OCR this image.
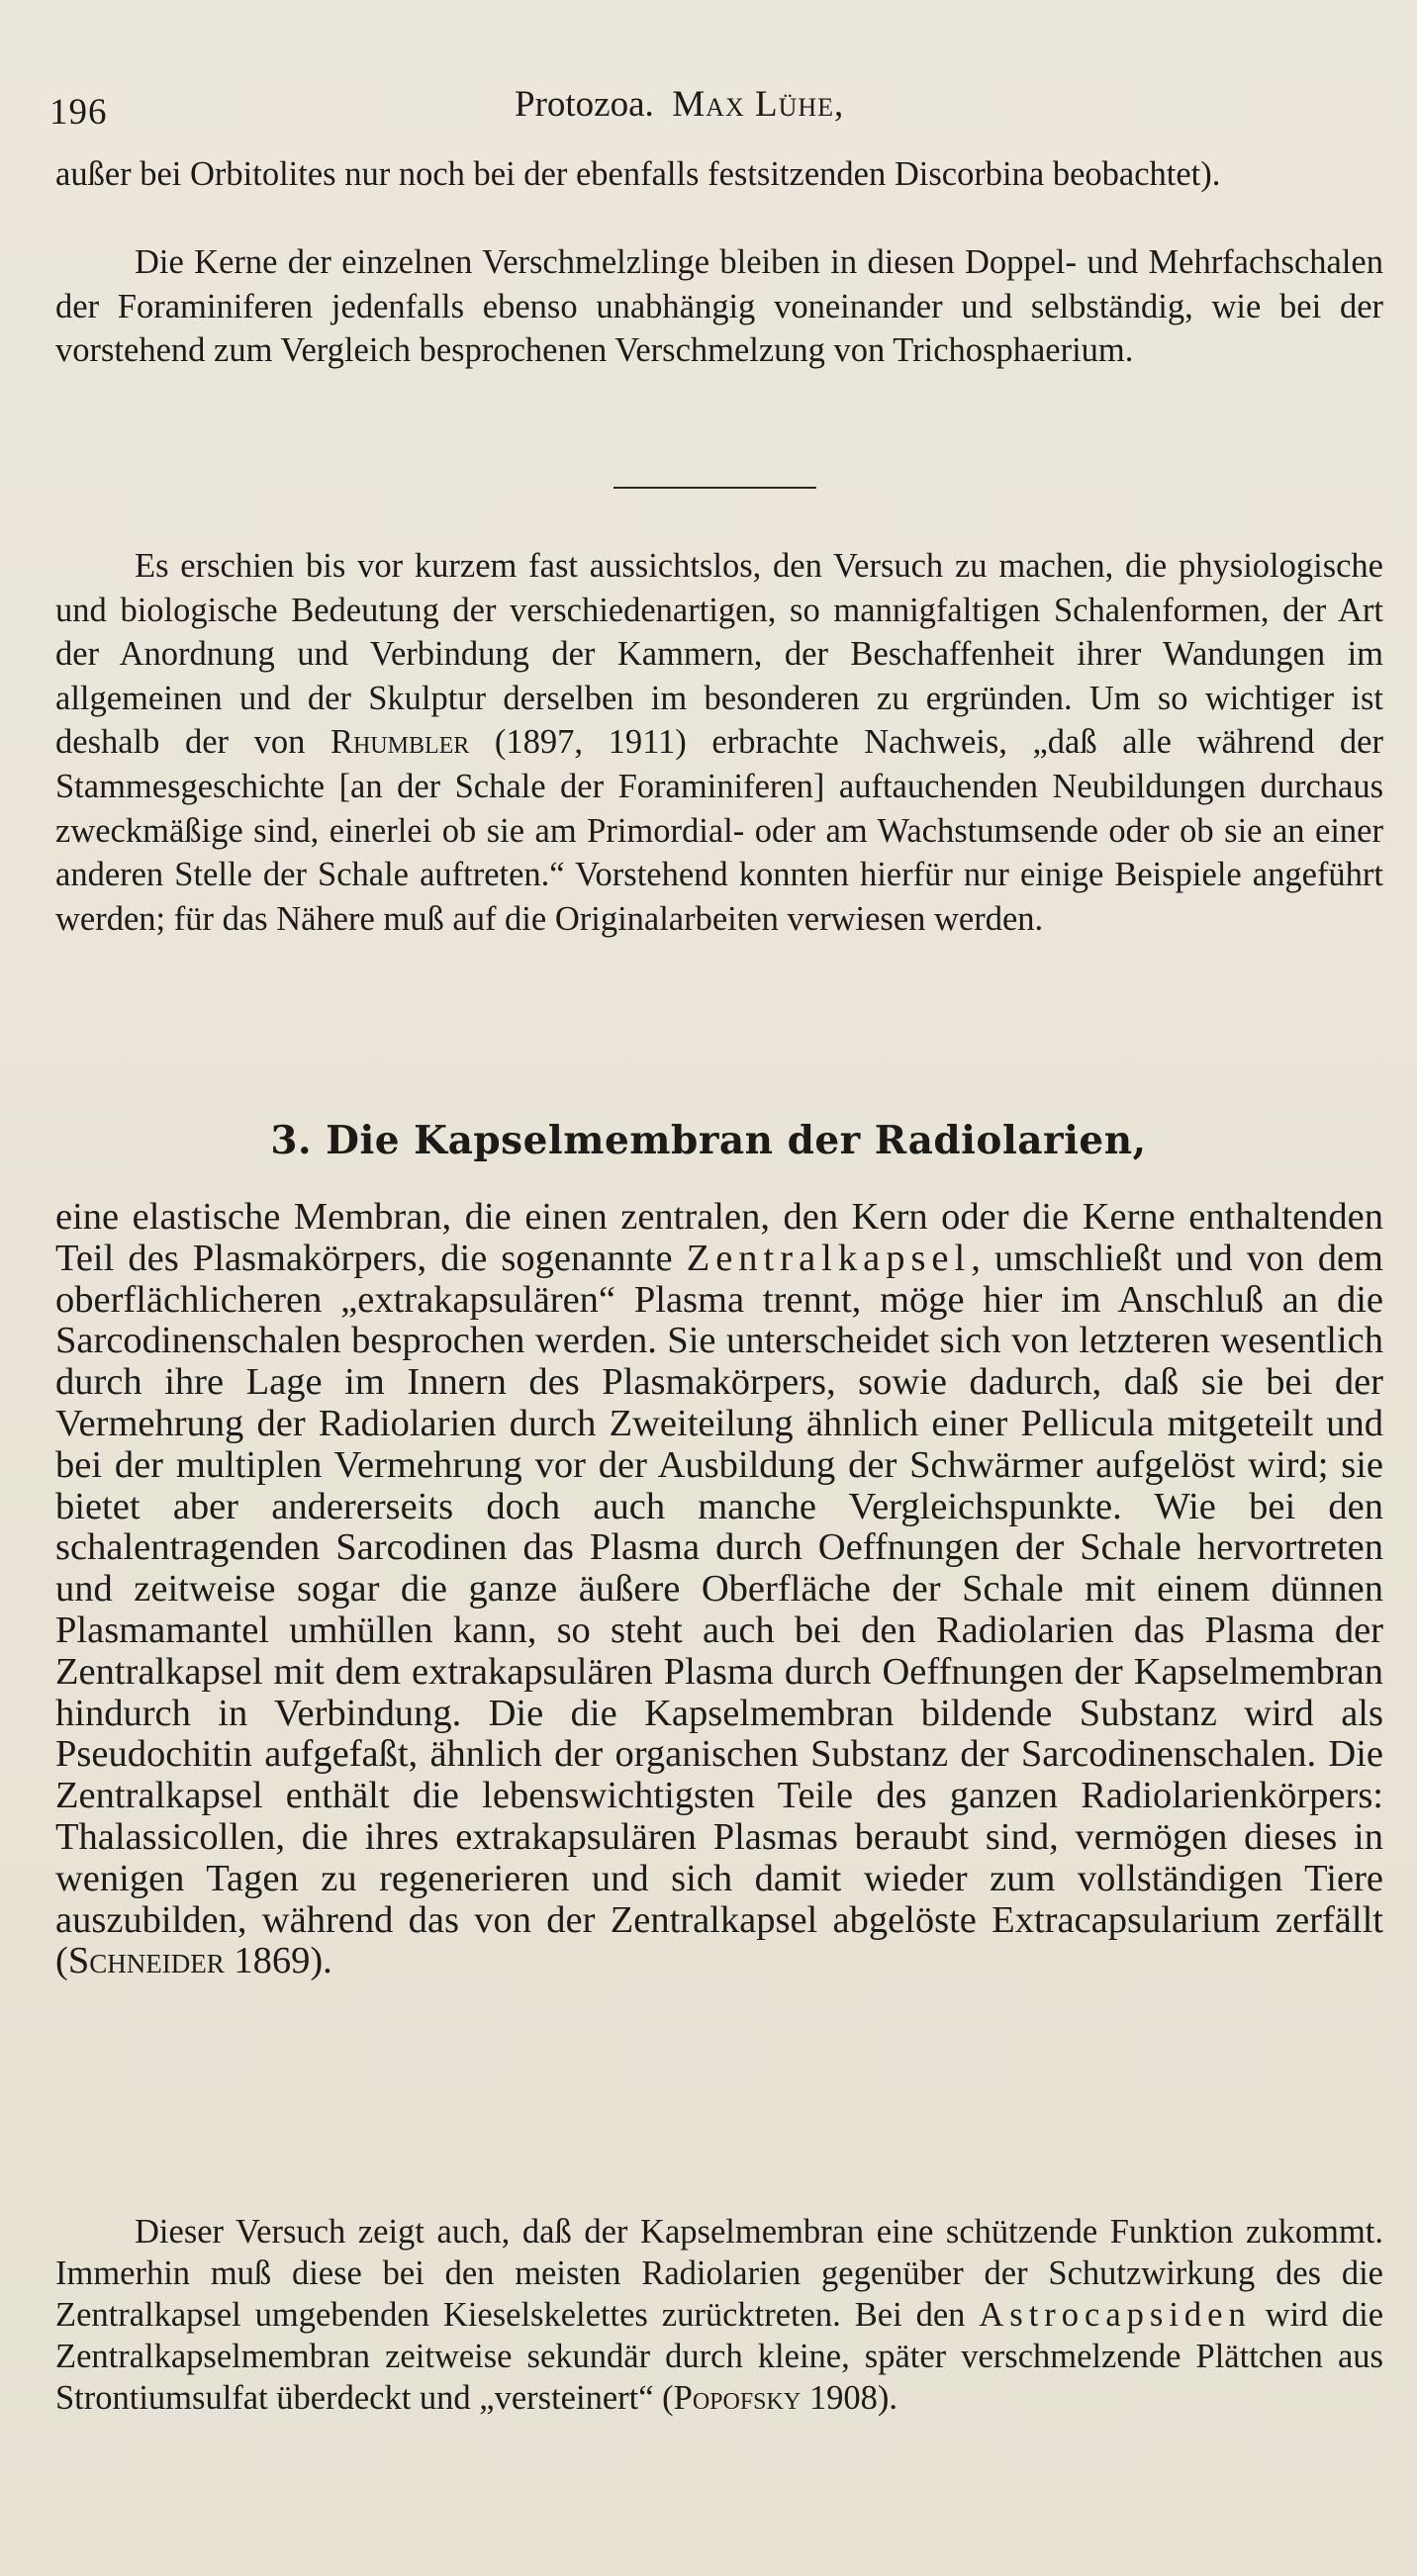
196	Protozoa. Max Lühe,

außer bei Orbitolites nur noch bei der ebenfalls festsitzenden Discorbina beobachtet).

Die Kerne der einzelnen Verschmelzlinge bleiben in diesen Doppel- und Mehrfachschalen der Foraminiferen jedenfalls ebenso unabhängig voneinander und selbständig, wie bei der vorstehend zum Vergleich besprochenen Verschmelzung von Trichosphaerium.

Es erschien bis vor kurzem fast aussichtslos, den Versuch zu machen, die physiologische und biologische Bedeutung der verschiedenartigen, so mannigfaltigen Schalenformen, der Art der Anordnung und Verbindung der Kammern, der Beschaffenheit ihrer Wandungen im allgemeinen und der Skulptur derselben im besonderen zu ergründen. Um so wichtiger ist deshalb der von Rhumbler (1897, 1911) erbrachte Nachweis, „daß alle während der Stammesgeschichte [an der Schale der Foraminiferen] auftauchenden Neubildungen durchaus zweckmäßige sind, einerlei ob sie am Primordial- oder am Wachstumsende oder ob sie an einer anderen Stelle der Schale auftreten.“ Vorstehend konnten hierfür nur einige Beispiele angeführt werden; für das Nähere muß auf die Originalarbeiten verwiesen werden.

3. Die Kapselmembran der Radiolarien,

eine elastische Membran, die einen zentralen, den Kern oder die Kerne enthaltenden Teil des Plasmakörpers, die sogenannte Zentralkapsel, umschließt und von dem oberflächlicheren „extrakapsulären“ Plasma trennt, möge hier im Anschluß an die Sarcodinenschalen besprochen werden. Sie unterscheidet sich von letzteren wesentlich durch ihre Lage im Innern des Plasmakörpers, sowie dadurch, daß sie bei der Vermehrung der Radiolarien durch Zweiteilung ähnlich einer Pellicula mitgeteilt und bei der multiplen Vermehrung vor der Ausbildung der Schwärmer aufgelöst wird; sie bietet aber andererseits doch auch manche Vergleichspunkte. Wie bei den schalentragenden Sarcodinen das Plasma durch Oeffnungen der Schale hervortreten und zeitweise sogar die ganze äußere Oberfläche der Schale mit einem dünnen Plasmamantel umhüllen kann, so steht auch bei den Radiolarien das Plasma der Zentralkapsel mit dem extrakapsulären Plasma durch Oeffnungen der Kapselmembran hindurch in Verbindung. Die die Kapselmembran bildende Substanz wird als Pseudochitin aufgefaßt, ähnlich der organischen Substanz der Sarcodinenschalen. Die Zentralkapsel enthält die lebenswichtigsten Teile des ganzen Radiolarienkörpers: Thalassicollen, die ihres extrakapsulären Plasmas beraubt sind, vermögen dieses in wenigen Tagen zu regenerieren und sich damit wieder zum vollständigen Tiere auszubilden, während das von der Zentralkapsel abgelöste Extracapsularium zerfällt (Schneider 1869).

Dieser Versuch zeigt auch, daß der Kapselmembran eine schützende Funktion zukommt. Immerhin muß diese bei den meisten Radiolarien gegenüber der Schutzwirkung des die Zentralkapsel umgebenden Kieselskelettes zurücktreten. Bei den Astrocapsiden wird die Zentralkapselmembran zeitweise sekundär durch kleine, später verschmelzende Plättchen aus Strontiumsulfat überdeckt und „versteinert“ (Popofsky 1908).
